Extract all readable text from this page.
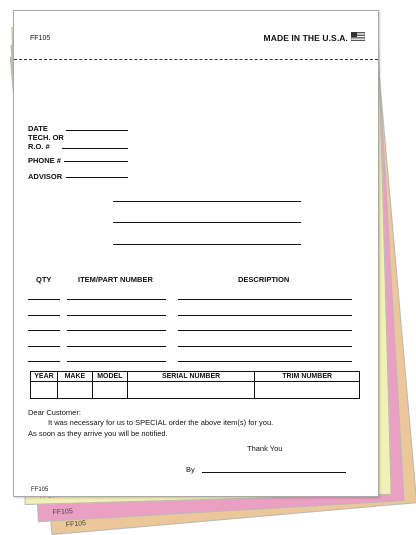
FF105
FF105
FF105	MADE IN THE U.S.A.
DATE
TECH. OR
R.O. #
PHONE #
ADVISOR
QTY	ITEM/PART NUMBER	DESCRIPTION
YEAR	MAKE	MODEL	SERIAL NUMBER	TRIM NUMBER

Dear Customer:
It was necessary for us to SPECIAL order the above item(s) for you.
As soon as they arrive you will be notified.
Thank You
By
FF105
